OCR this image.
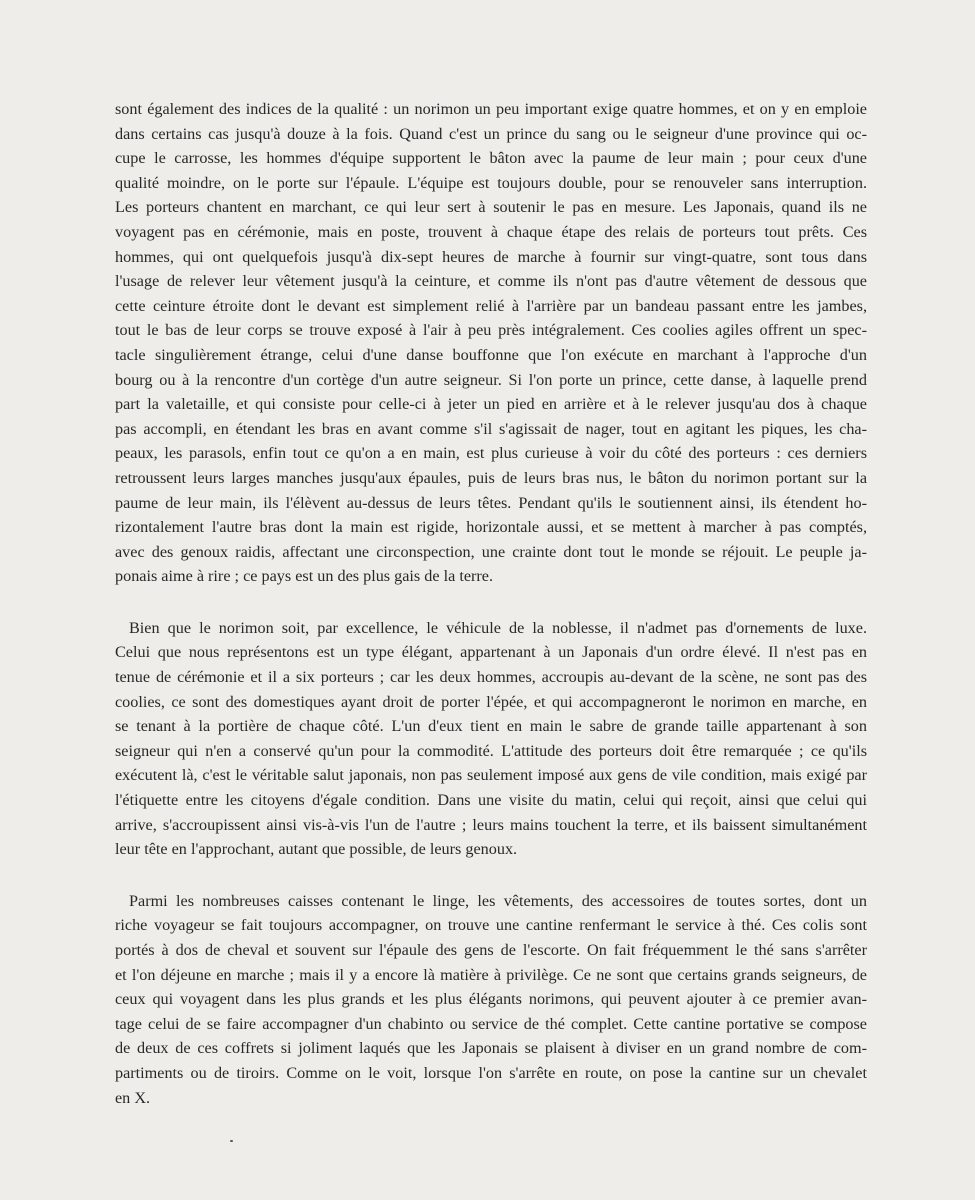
sont également des indices de la qualité : un norimon un peu important exige quatre hommes, et on y en emploie
dans certains cas jusqu'à douze à la fois. Quand c'est un prince du sang ou le seigneur d'une province qui oc-
cupe le carrosse, les hommes d'équipe supportent le bâton avec la paume de leur main ; pour ceux d'une
qualité moindre, on le porte sur l'épaule. L'équipe est toujours double, pour se renouveler sans interruption.
Les porteurs chantent en marchant, ce qui leur sert à soutenir le pas en mesure. Les Japonais, quand ils ne
voyagent pas en cérémonie, mais en poste, trouvent à chaque étape des relais de porteurs tout prêts. Ces
hommes, qui ont quelquefois jusqu'à dix-sept heures de marche à fournir sur vingt-quatre, sont tous dans
l'usage de relever leur vêtement jusqu'à la ceinture, et comme ils n'ont pas d'autre vêtement de dessous que
cette ceinture étroite dont le devant est simplement relié à l'arrière par un bandeau passant entre les jambes,
tout le bas de leur corps se trouve exposé à l'air à peu près intégralement. Ces coolies agiles offrent un spec-
tacle singulièrement étrange, celui d'une danse bouffonne que l'on exécute en marchant à l'approche d'un
bourg ou à la rencontre d'un cortège d'un autre seigneur. Si l'on porte un prince, cette danse, à laquelle prend
part la valetaille, et qui consiste pour celle-ci à jeter un pied en arrière et à le relever jusqu'au dos à chaque
pas accompli, en étendant les bras en avant comme s'il s'agissait de nager, tout en agitant les piques, les cha-
peaux, les parasols, enfin tout ce qu'on a en main, est plus curieuse à voir du côté des porteurs : ces derniers
retroussent leurs larges manches jusqu'aux épaules, puis de leurs bras nus, le bâton du norimon portant sur la
paume de leur main, ils l'élèvent au-dessus de leurs têtes. Pendant qu'ils le soutiennent ainsi, ils étendent ho-
rizontalement l'autre bras dont la main est rigide, horizontale aussi, et se mettent à marcher à pas comptés,
avec des genoux raidis, affectant une circonspection, une crainte dont tout le monde se réjouit. Le peuple ja-
ponais aime à rire ; ce pays est un des plus gais de la terre.
Bien que le norimon soit, par excellence, le véhicule de la noblesse, il n'admet pas d'ornements de luxe.
Celui que nous représentons est un type élégant, appartenant à un Japonais d'un ordre élevé. Il n'est pas en
tenue de cérémonie et il a six porteurs ; car les deux hommes, accroupis au-devant de la scène, ne sont pas des
coolies, ce sont des domestiques ayant droit de porter l'épée, et qui accompagneront le norimon en marche, en
se tenant à la portière de chaque côté. L'un d'eux tient en main le sabre de grande taille appartenant à son
seigneur qui n'en a conservé qu'un pour la commodité. L'attitude des porteurs doit être remarquée ; ce qu'ils
exécutent là, c'est le véritable salut japonais, non pas seulement imposé aux gens de vile condition, mais exigé par
l'étiquette entre les citoyens d'égale condition. Dans une visite du matin, celui qui reçoit, ainsi que celui qui
arrive, s'accroupissent ainsi vis-à-vis l'un de l'autre ; leurs mains touchent la terre, et ils baissent simultanément
leur tête en l'approchant, autant que possible, de leurs genoux.
Parmi les nombreuses caisses contenant le linge, les vêtements, des accessoires de toutes sortes, dont un
riche voyageur se fait toujours accompagner, on trouve une cantine renfermant le service à thé. Ces colis sont
portés à dos de cheval et souvent sur l'épaule des gens de l'escorte. On fait fréquemment le thé sans s'arrêter
et l'on déjeune en marche ; mais il y a encore là matière à privilège. Ce ne sont que certains grands seigneurs, de
ceux qui voyagent dans les plus grands et les plus élégants norimons, qui peuvent ajouter à ce premier avan-
tage celui de se faire accompagner d'un chabinto ou service de thé complet. Cette cantine portative se compose
de deux de ces coffrets si joliment laqués que les Japonais se plaisent à diviser en un grand nombre de com-
partiments ou de tiroirs. Comme on le voit, lorsque l'on s'arrête en route, on pose la cantine sur un chevalet
en X.
